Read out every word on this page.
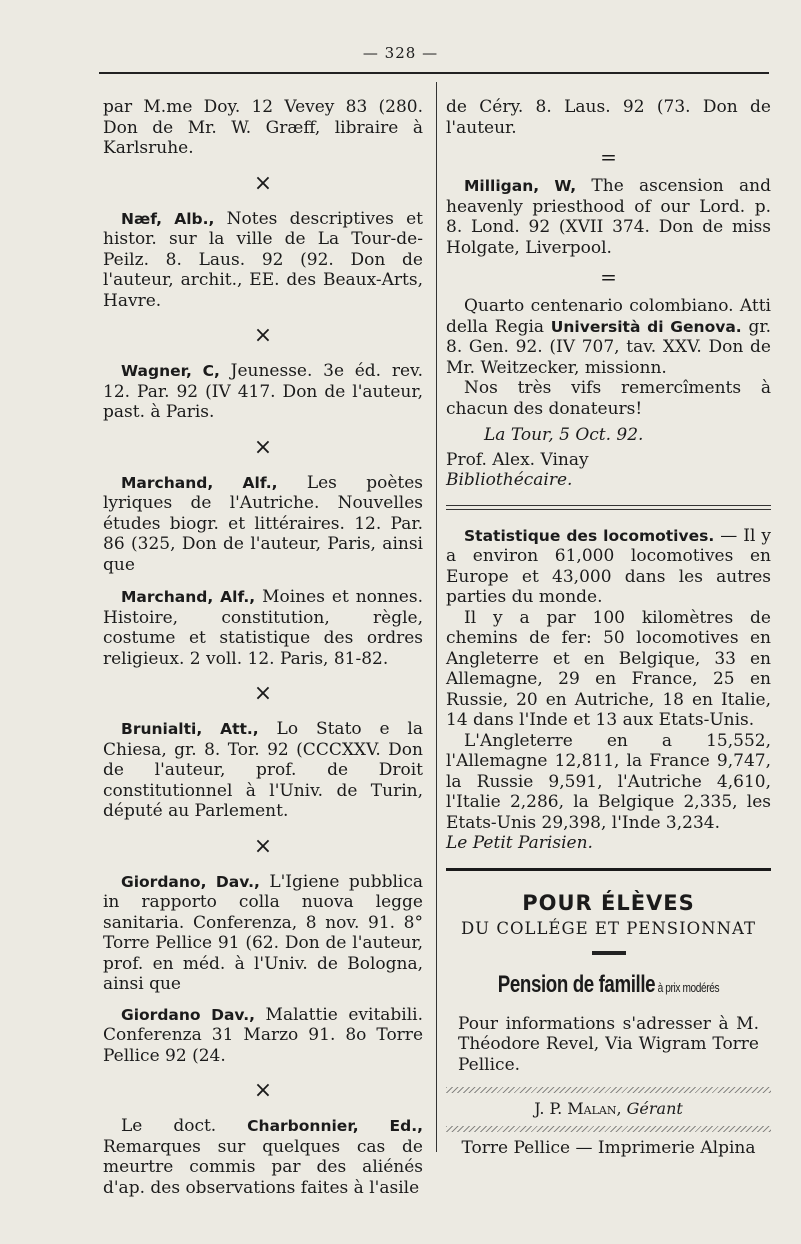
— 328 —

par M.me Doy. 12 Vevey 83 (280. Don de Mr. W. Græff, libraire à Karlsruhe.

×

Næf, Alb., Notes descriptives et histor. sur la ville de La Tour-de-Peilz. 8. Laus. 92 (92. Don de l'auteur, archit., EE. des Beaux-Arts, Havre.

×

Wagner, C, Jeunesse. 3e éd. rev. 12. Par. 92 (IV 417. Don de l'auteur, past. à Paris.

×

Marchand, Alf., Les poètes lyriques de l'Autriche. Nouvelles études biogr. et littéraires. 12. Par. 86 (325, Don de l'auteur, Paris, ainsi que

Marchand, Alf., Moines et nonnes. Histoire, constitution, règle, costume et statistique des ordres religieux. 2 voll. 12. Paris, 81-82.

×

Brunialti, Att., Lo Stato e la Chiesa, gr. 8. Tor. 92 (CCCXXV. Don de l'auteur, prof. de Droit constitutionnel à l'Univ. de Turin, député au Parlement.

×

Giordano, Dav., L'Igiene pubblica in rapporto colla nuova legge sanitaria. Conferenza, 8 nov. 91. 8° Torre Pellice 91 (62. Don de l'auteur, prof. en méd. à l'Univ. de Bologna, ainsi que

Giordano Dav., Malattie evitabili. Conferenza 31 Marzo 91. 8o Torre Pellice 92 (24.

×

Le doct. Charbonnier, Ed., Remarques sur quelques cas de meurtre commis par des aliénés d'ap. des observations faites à l'asile

de Céry. 8. Laus. 92 (73. Don de l'auteur.

=

Milligan, W, The ascension and heavenly priesthood of our Lord. p. 8. Lond. 92 (XVII 374. Don de miss Holgate, Liverpool.

=

Quarto centenario colombiano. Atti della Regia Università di Genova. gr. 8. Gen. 92. (IV 707, tav. XXV. Don de Mr. Weitzecker, missionn.

Nos très vifs remercîments à chacun des donateurs!

La Tour, 5 Oct. 92.

Prof. Alex. Vinay

Bibliothécaire.

Statistique des locomotives. — Il y a environ 61,000 locomotives en Europe et 43,000 dans les autres parties du monde.

Il y a par 100 kilomètres de chemins de fer: 50 locomotives en Angleterre et en Belgique, 33 en Allemagne, 29 en France, 25 en Russie, 20 en Autriche, 18 en Italie, 14 dans l'Inde et 13 aux Etats-Unis.

L'Angleterre en a 15,552, l'Allemagne 12,811, la France 9,747, la Russie 9,591, l'Autriche 4,610, l'Italie 2,286, la Belgique 2,335, les Etats-Unis 29,398, l'Inde 3,234.

Le Petit Parisien.

POUR ÉLÈVES
DU COLLÉGE ET PENSIONNAT
Pension de famille à prix modérés

Pour informations s'adresser à M. Théodore Revel, Via Wigram Torre Pellice.

J. P. Malan, Gérant
Torre Pellice — Imprimerie Alpina
